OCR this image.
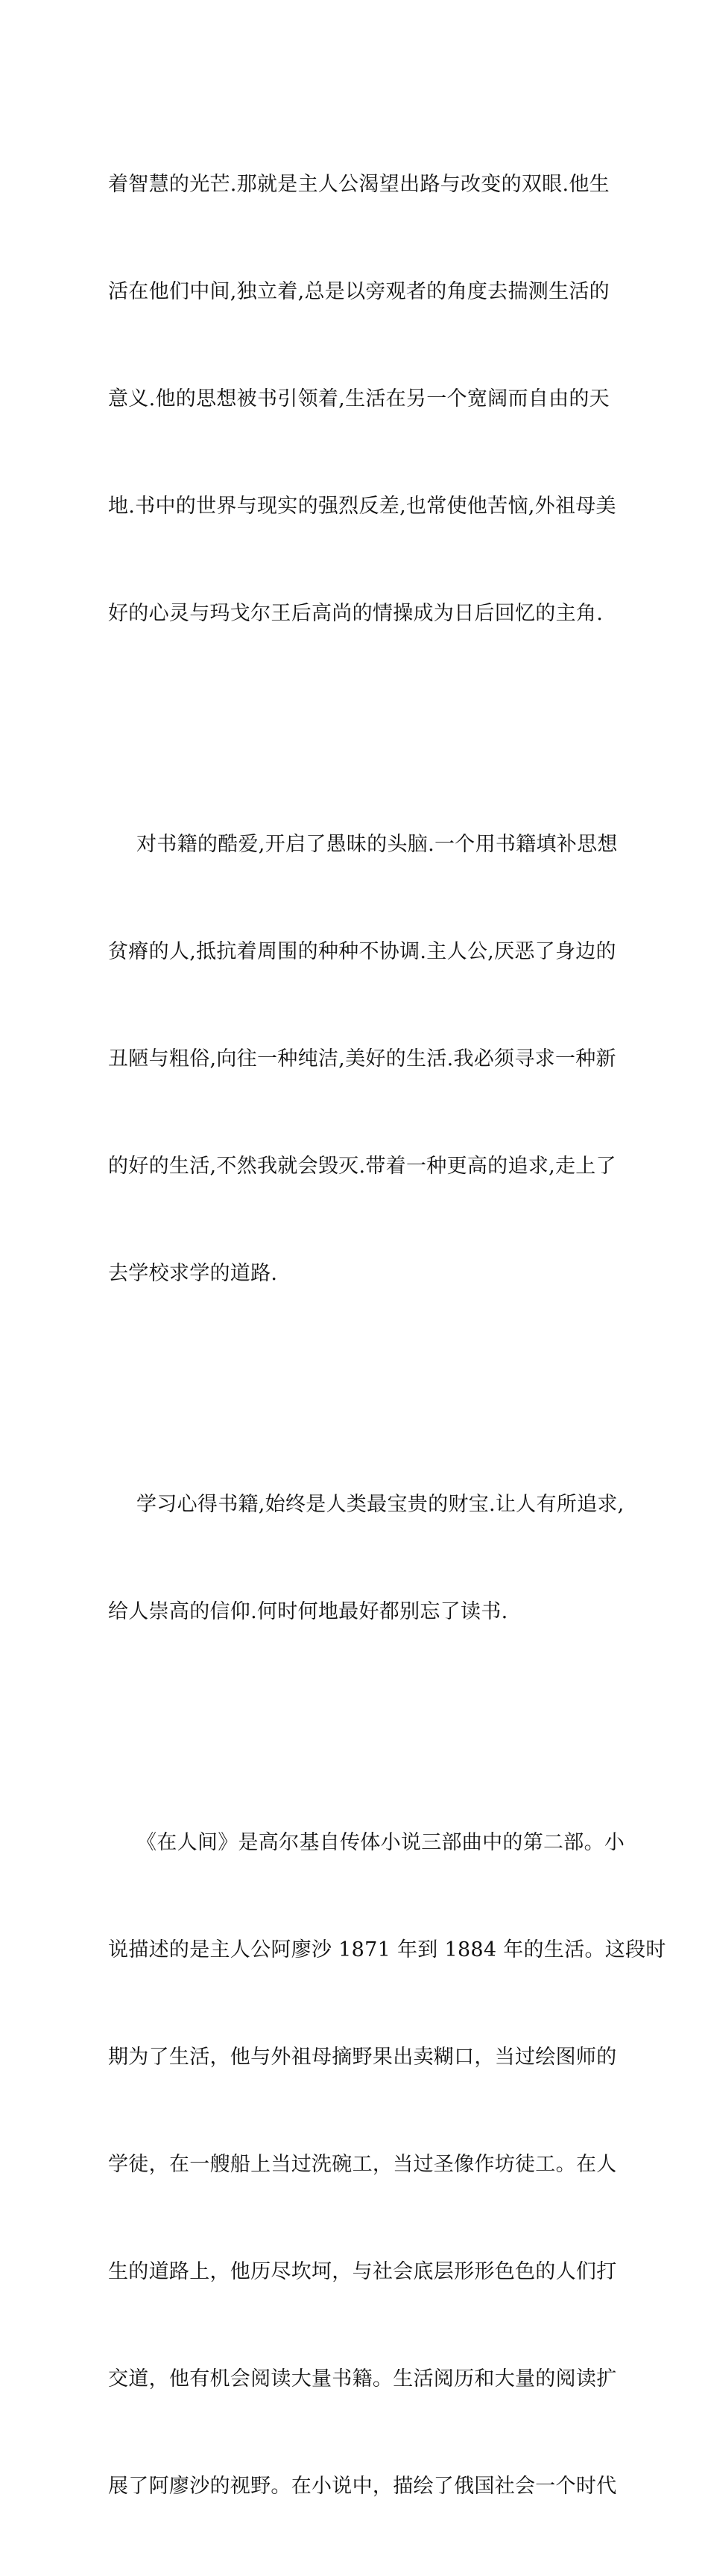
着智慧的光芒.那就是主人公渴望出路与改变的双眼.他生

活在他们中间,独立着,总是以旁观者的角度去揣测生活的

意义.他的思想被书引领着,生活在另一个宽阔而自由的天

地.书中的世界与现实的强烈反差,也常使他苦恼,外祖母美

好的心灵与玛戈尔王后高尚的情操成为日后回忆的主角.

对书籍的酷爱,开启了愚昧的头脑.一个用书籍填补思想

贫瘠的人,抵抗着周围的种种不协调.主人公,厌恶了身边的

丑陋与粗俗,向往一种纯洁,美好的生活.我必须寻求一种新

的好的生活,不然我就会毁灭.带着一种更高的追求,走上了

去学校求学的道路.

学习心得书籍,始终是人类最宝贵的财宝.让人有所追求,

给人崇高的信仰.何时何地最好都别忘了读书.

《在人间》是高尔基自传体小说三部曲中的第二部。小

说描述的是主人公阿廖沙 1871 年到 1884 年的生活。这段时

期为了生活，他与外祖母摘野果出卖糊口，当过绘图师的

学徒，在一艘船上当过洗碗工，当过圣像作坊徒工。在人

生的道路上，他历尽坎坷，与社会底层形形色色的人们打

交道，他有机会阅读大量书籍。生活阅历和大量的阅读扩

展了阿廖沙的视野。在小说中，描绘了俄国社会一个时代
